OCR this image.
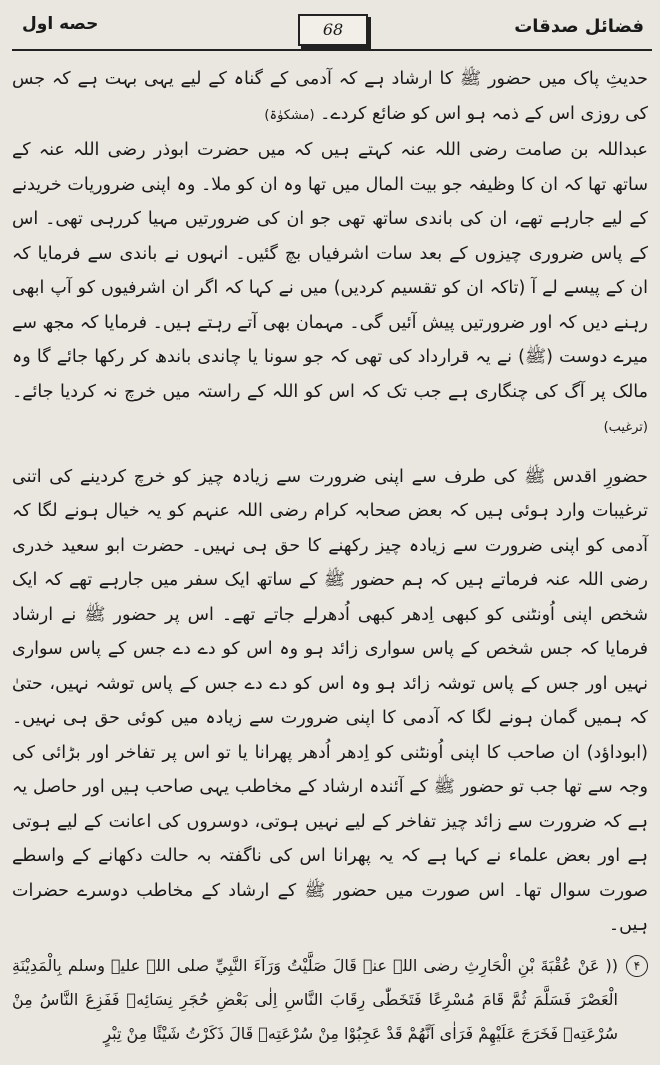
فضائل صدقات
68
حصه اول

حدیثِ پاک میں حضور ﷺ کا ارشاد ہے کہ آدمی کے گناہ کے لیے یہی بہت ہے کہ جس کی روزی اس کے ذمہ ہو اس کو ضائع کردے۔ (مشکوٰۃ)

عبداللہ بن صامت رضی اللہ عنہ کہتے ہیں کہ میں حضرت ابوذر رضی اللہ عنہ کے ساتھ تھا کہ ان کا وظیفہ جو بیت المال میں تھا وہ ان کو ملا۔ وہ اپنی ضروریات خریدنے کے لیے جارہے تھے، ان کی باندی ساتھ تھی جو ان کی ضرورتیں مہیا کررہی تھی۔ اس کے پاس ضروری چیزوں کے بعد سات اشرفیاں بچ گئیں۔ انہوں نے باندی سے فرمایا کہ ان کے پیسے لے آ (تاکہ ان کو تقسیم کردیں) میں نے کہا کہ اگر ان اشرفیوں کو آپ ابھی رہنے دیں کہ اور ضرورتیں پیش آئیں گی۔ مہمان بھی آتے رہتے ہیں۔ فرمایا کہ مجھ سے میرے دوست (ﷺ) نے یہ قرارداد کی تھی کہ جو سونا یا چاندی باندھ کر رکھا جائے گا وہ مالک پر آگ کی چنگاری ہے جب تک کہ اس کو اللہ کے راستہ میں خرچ نہ کردیا جائے۔ (ترغیب)

حضورِ اقدس ﷺ کی طرف سے اپنی ضرورت سے زیادہ چیز کو خرچ کردینے کی اتنی ترغیبات وارد ہوئی ہیں کہ بعض صحابہ کرام رضی اللہ عنہم کو یہ خیال ہونے لگا کہ آدمی کو اپنی ضرورت سے زیادہ چیز رکھنے کا حق ہی نہیں۔ حضرت ابو سعید خدری رضی اللہ عنہ فرماتے ہیں کہ ہم حضور ﷺ کے ساتھ ایک سفر میں جارہے تھے کہ ایک شخص اپنی اُونٹنی کو کبھی اِدھر کبھی اُدھرلے جاتے تھے۔ اس پر حضور ﷺ نے ارشاد فرمایا کہ جس شخص کے پاس سواری زائد ہو وہ اس کو دے دے جس کے پاس سواری نہیں اور جس کے پاس توشہ زائد ہو وہ اس کو دے دے جس کے پاس توشہ نہیں، حتیٰ کہ ہمیں گمان ہونے لگا کہ آدمی کا اپنی ضرورت سے زیادہ میں کوئی حق ہی نہیں۔ (ابوداؤد) ان صاحب کا اپنی اُونٹنی کو اِدھر اُدھر پھرانا یا تو اس پر تفاخر اور بڑائی کی وجہ سے تھا جب تو حضور ﷺ کے آئندہ ارشاد کے مخاطب یہی صاحب ہیں اور حاصل یہ ہے کہ ضرورت سے زائد چیز تفاخر کے لیے نہیں ہوتی، دوسروں کی اعانت کے لیے ہوتی ہے اور بعض علماء نے کہا ہے کہ یہ پھرانا اس کی ناگفتہ بہ حالت دکھانے کے واسطے صورت سوال تھا۔ اس صورت میں حضور ﷺ کے ارشاد کے مخاطب دوسرے حضرات ہیں۔

۴
(( عَنْ عُقْبَةَ بْنِ الْحَارِثِ رضی اللہ عنہ قَالَ صَلَّيْتُ وَرَآءَ النَّبِيِّ صلی اللہ علیہ وسلم بِالْمَدِيْنَةِ الْعَصْرَ فَسَلَّمَ ثُمَّ قَامَ مُسْرِعًا فَتَخَطّٰى رِقَابَ النَّاسِ اِلٰى بَعْضِ حُجَرِ نِسَائِهٖ فَفَزِعَ النَّاسُ مِنْ سُرْعَتِهٖ فَخَرَجَ عَلَيْهِمْ فَرَاٰى اَنَّهُمْ قَدْ عَجِبُوْا مِنْ سُرْعَتِهٖ قَالَ ذَكَرْتُ شَيْئًا مِنْ تِبْرٍ
